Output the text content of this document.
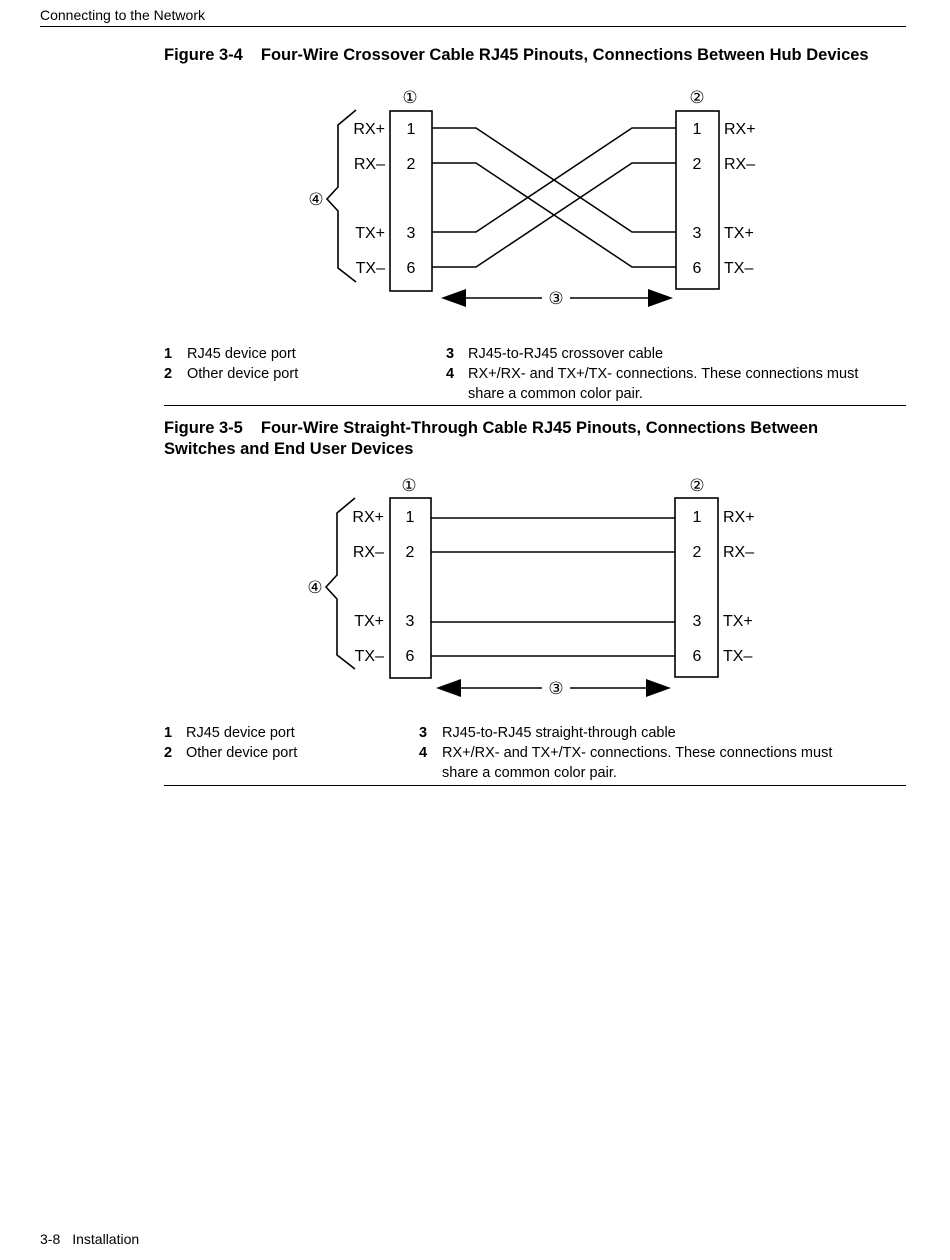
Connecting to the Network
Figure 3-4 Four-Wire Crossover Cable RJ45 Pinouts, Connections Between Hub Devices
①	②
④
RX+
RX–
TX+
TX–
1
2
3
6
1
2
3
6
RX+
RX–
TX+
TX–
③
①	②
④
RX+
RX–
TX+
TX–
1
2
3
6
1
2
3
6
RX+
RX–
TX+
TX–
③
1 RJ45 device port
2 Other device port
3 RJ45-to-RJ45 crossover cable
4 RX+/RX- and TX+/TX- connections. These connections must
share a common color pair.
Figure 3-5 Four-Wire Straight-Through Cable RJ45 Pinouts, Connections Between
Switches and End User Devices
1 RJ45 device port
2 Other device port
3 RJ45-to-RJ45 straight-through cable
4 RX+/RX- and TX+/TX- connections. These connections must
share a common color pair.
3-8 Installation
